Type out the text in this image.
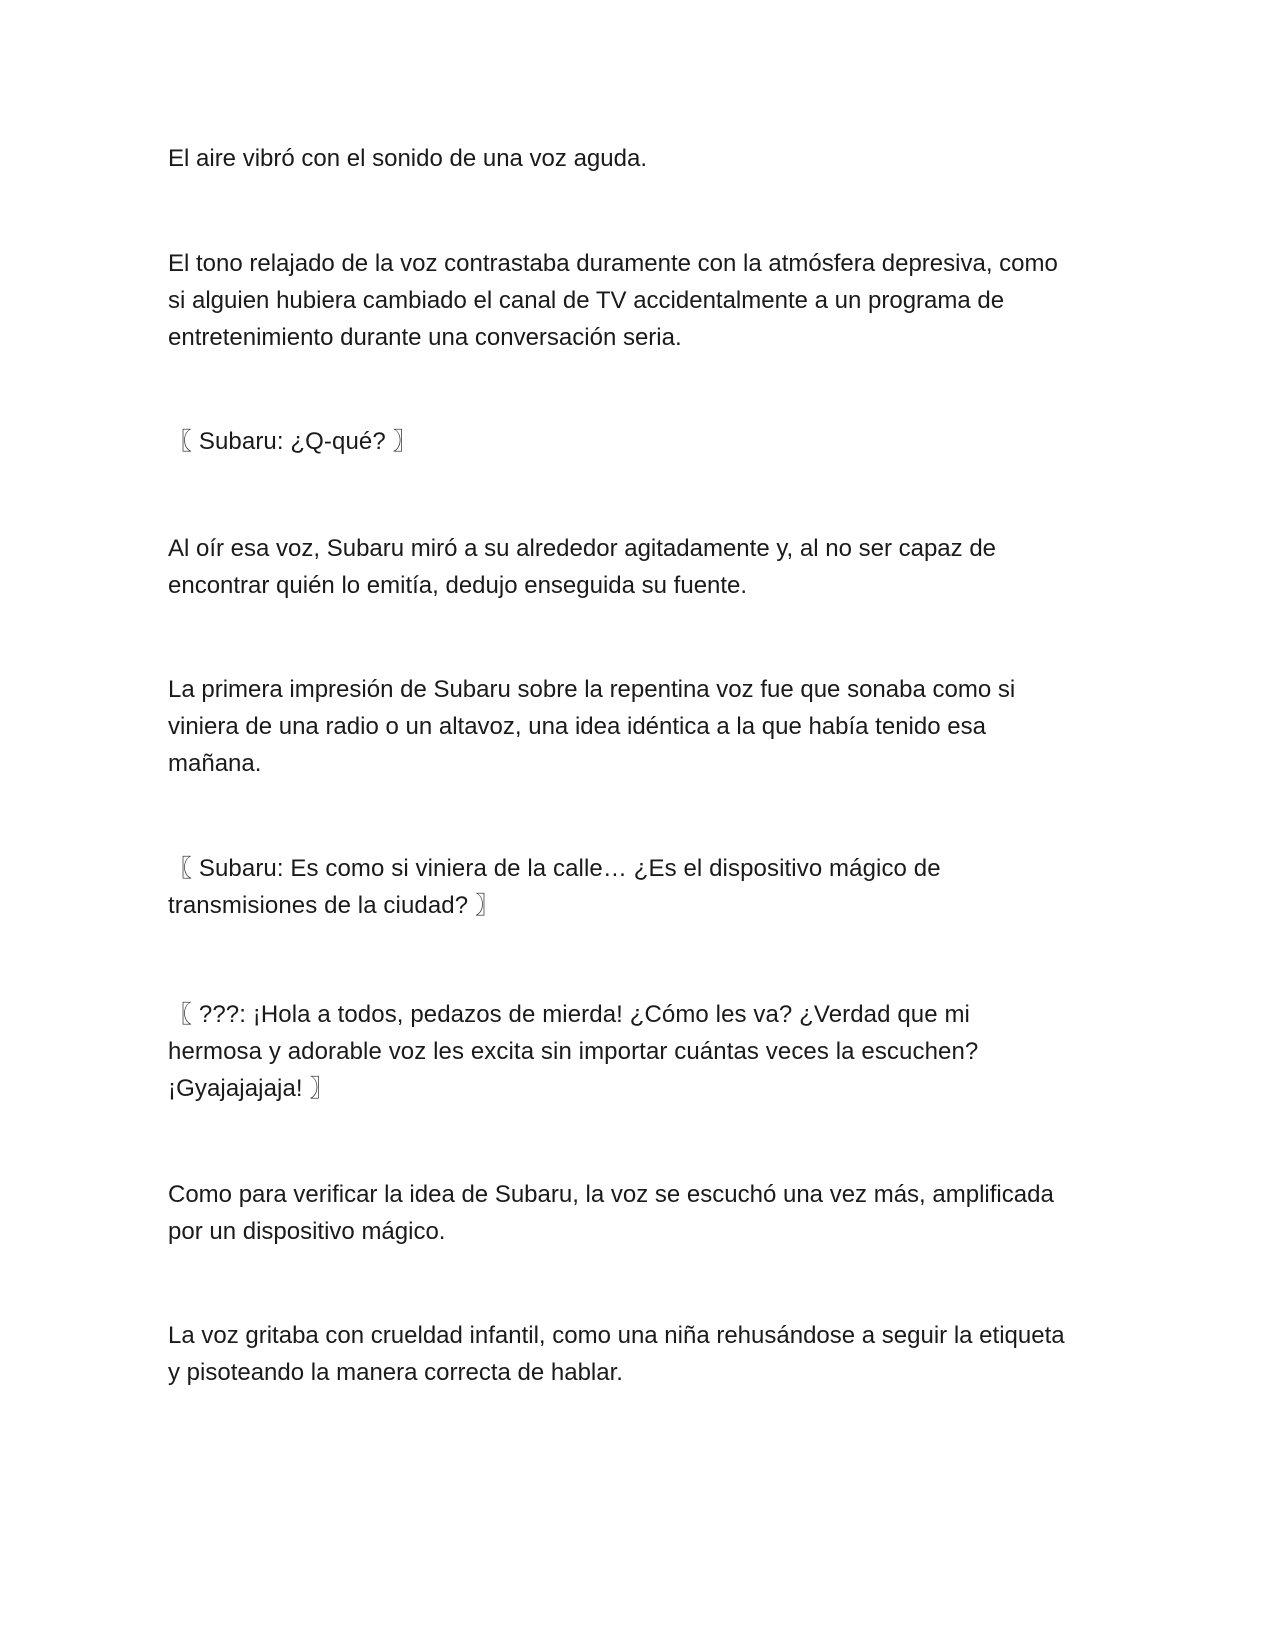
El aire vibró con el sonido de una voz aguda.

El tono relajado de la voz contrastaba duramente con la atmósfera depresiva, como si alguien hubiera cambiado el canal de TV accidentalmente a un programa de entretenimiento durante una conversación seria.

〖 Subaru: ¿Q-qué? 〗

Al oír esa voz, Subaru miró a su alrededor agitadamente y, al no ser capaz de encontrar quién lo emitía, dedujo enseguida su fuente.

La primera impresión de Subaru sobre la repentina voz fue que sonaba como si viniera de una radio o un altavoz, una idea idéntica a la que había tenido esa mañana.

〖 Subaru: Es como si viniera de la calle… ¿Es el dispositivo mágico de transmisiones de la ciudad? 〗

〖 ???: ¡Hola a todos, pedazos de mierda! ¿Cómo les va? ¿Verdad que mi hermosa y adorable voz les excita sin importar cuántas veces la escuchen? ¡Gyajajajaja! 〗

Como para verificar la idea de Subaru, la voz se escuchó una vez más, amplificada por un dispositivo mágico.

La voz gritaba con crueldad infantil, como una niña rehusándose a seguir la etiqueta y pisoteando la manera correcta de hablar.
